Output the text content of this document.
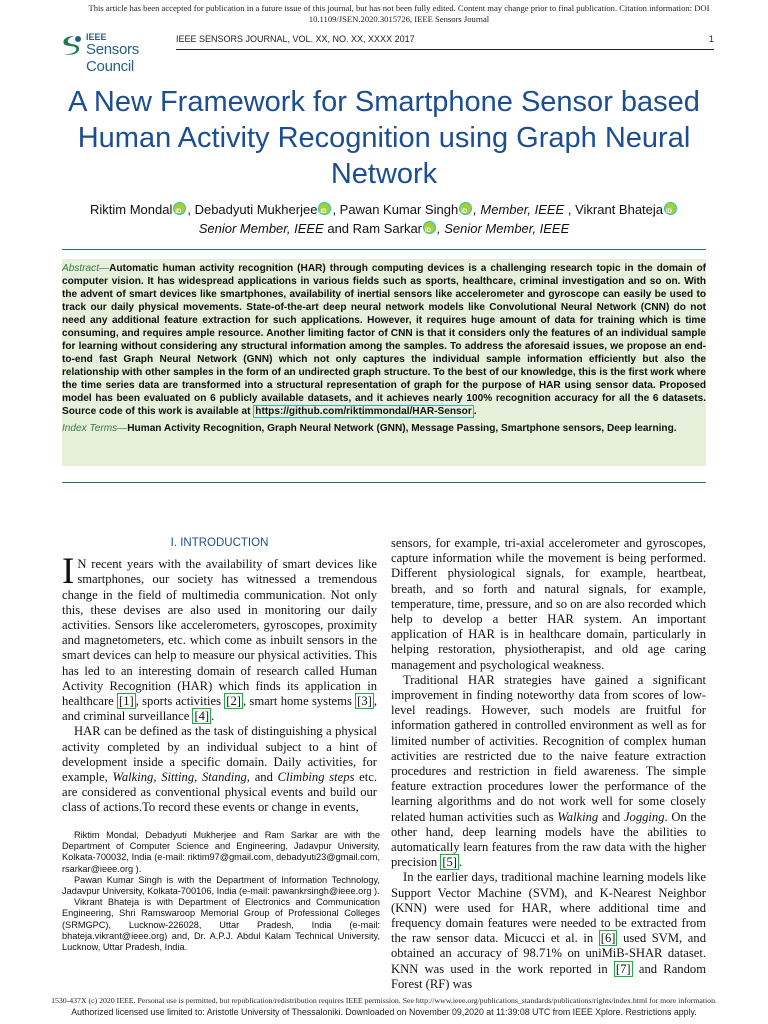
This article has been accepted for publication in a future issue of this journal, but has not been fully edited. Content may change prior to final publication. Citation information: DOI 10.1109/JSEN.2020.3015726, IEEE Sensors Journal
IEEE
Sensors Council
IEEE SENSORS JOURNAL, VOL. XX, NO. XX, XXXX 2017	1
A New Framework for Smartphone Sensor based Human Activity Recognition using Graph Neural Network
Riktim Mondal iD , Debadyuti Mukherjee iD , Pawan Kumar Singh iD , Member, IEEE , Vikrant BhatejaiD
Senior Member, IEEE and Ram Sarkar iD , Senior Member, IEEE

Abstract—Automatic human activity recognition (HAR) through computing devices is a challenging research topic in the domain of computer vision. It has widespread applications in various fields such as sports, healthcare, criminal investigation and so on. With the advent of smart devices like smartphones, availability of inertial sensors like accelerometer and gyroscope can easily be used to track our daily physical movements. State-of-the-art deep neural network models like Convolutional Neural Network (CNN) do not need any additional feature extraction for such applications. However, it requires huge amount of data for training which is time consuming, and requires ample resource. Another limiting factor of CNN is that it considers only the features of an individual sample for learning without considering any structural information among the samples. To address the aforesaid issues, we propose an end-to-end fast Graph Neural Network (GNN) which not only captures the individual sample information efficiently but also the relationship with other samples in the form of an undirected graph structure. To the best of our knowledge, this is the first work where the time series data are transformed into a structural representation of graph for the purpose of HAR using sensor data. Proposed model has been evaluated on 6 publicly available datasets, and it achieves nearly 100% recognition accuracy for all the 6 datasets. Source code of this work is available at https://github.com/riktimmondal/HAR-Sensor .

Index Terms—Human Activity Recognition, Graph Neural Network (GNN), Message Passing, Smartphone sensors, Deep learning.

I. INTRODUCTION

I N recent years with the availability of smart devices like smartphones, our society has witnessed a tremendous change in the field of multimedia communication. Not only this, these devises are also used in monitoring our daily activities. Sensors like accelerometers, gyroscopes, proximity and magnetometers, etc. which come as inbuilt sensors in the smart devices can help to measure our physical activities. This has led to an interesting domain of research called Human Activity Recognition (HAR) which finds its application in healthcare [1] , sports activities [2] , smart home systems [3] , and criminal surveillance [4] .

HAR can be defined as the task of distinguishing a physical activity completed by an individual subject to a hint of development inside a specific domain. Daily activities, for example, Walking, Sitting, Standing, and Climbing steps etc. are considered as conventional physical events and build our class of actions.To record these events or change in events,

Riktim Mondal, Debadyuti Mukherjee and Ram Sarkar are with the Department of Computer Science and Engineering, Jadavpur University, Kolkata-700032, India (e-mail: riktim97@gmail.com, debadyuti23@gmail.com, rsarkar@ieee.org ).

Pawan Kumar Singh is with the Department of Information Technology, Jadavpur University, Kolkata-700106, India (e-mail: pawankrsingh@ieee.org ).

Vikrant Bhateja is with Department of Electronics and Communication Engineering, Shri Ramswaroop Memorial Group of Professional Colleges (SRMGPC), Lucknow-226028, Uttar Pradesh, India (e-mail: bhateja.vikrant@ieee.org) and, Dr. A.P.J. Abdul Kalam Technical University, Lucknow, Uttar Pradesh, India.

sensors, for example, tri-axial accelerometer and gyroscopes, capture information while the movement is being performed. Different physiological signals, for example, heartbeat, breath, and so forth and natural signals, for example, temperature, time, pressure, and so on are also recorded which help to develop a better HAR system. An important application of HAR is in healthcare domain, particularly in helping restoration, physiotherapist, and old age caring management and psychological weakness.

Traditional HAR strategies have gained a significant improvement in finding noteworthy data from scores of low-level readings. However, such models are fruitful for information gathered in controlled environment as well as for limited number of activities. Recognition of complex human activities are restricted due to the naive feature extraction procedures and restriction in field awareness. The simple feature extraction procedures lower the performance of the learning algorithms and do not work well for some closely related human activities such as Walking and Jogging. On the other hand, deep learning models have the abilities to automatically learn features from the raw data with the higher precision [5] .

In the earlier days, traditional machine learning models like Support Vector Machine (SVM), and K-Nearest Neighbor (KNN) were used for HAR, where additional time and frequency domain features were needed to be extracted from the raw sensor data. Micucci et al. in [6] used SVM, and obtained an accuracy of 98.71% on uniMiB-SHAR dataset. KNN was used in the work reported in [7] and Random Forest (RF) was

1530-437X (c) 2020 IEEE. Personal use is permitted, but republication/redistribution requires IEEE permission. See http://www.ieee.org/publications_standards/publications/rights/index.html for more information.
Authorized licensed use limited to: Aristotle University of Thessaloniki. Downloaded on November 09,2020 at 11:39:08 UTC from IEEE Xplore. Restrictions apply.
